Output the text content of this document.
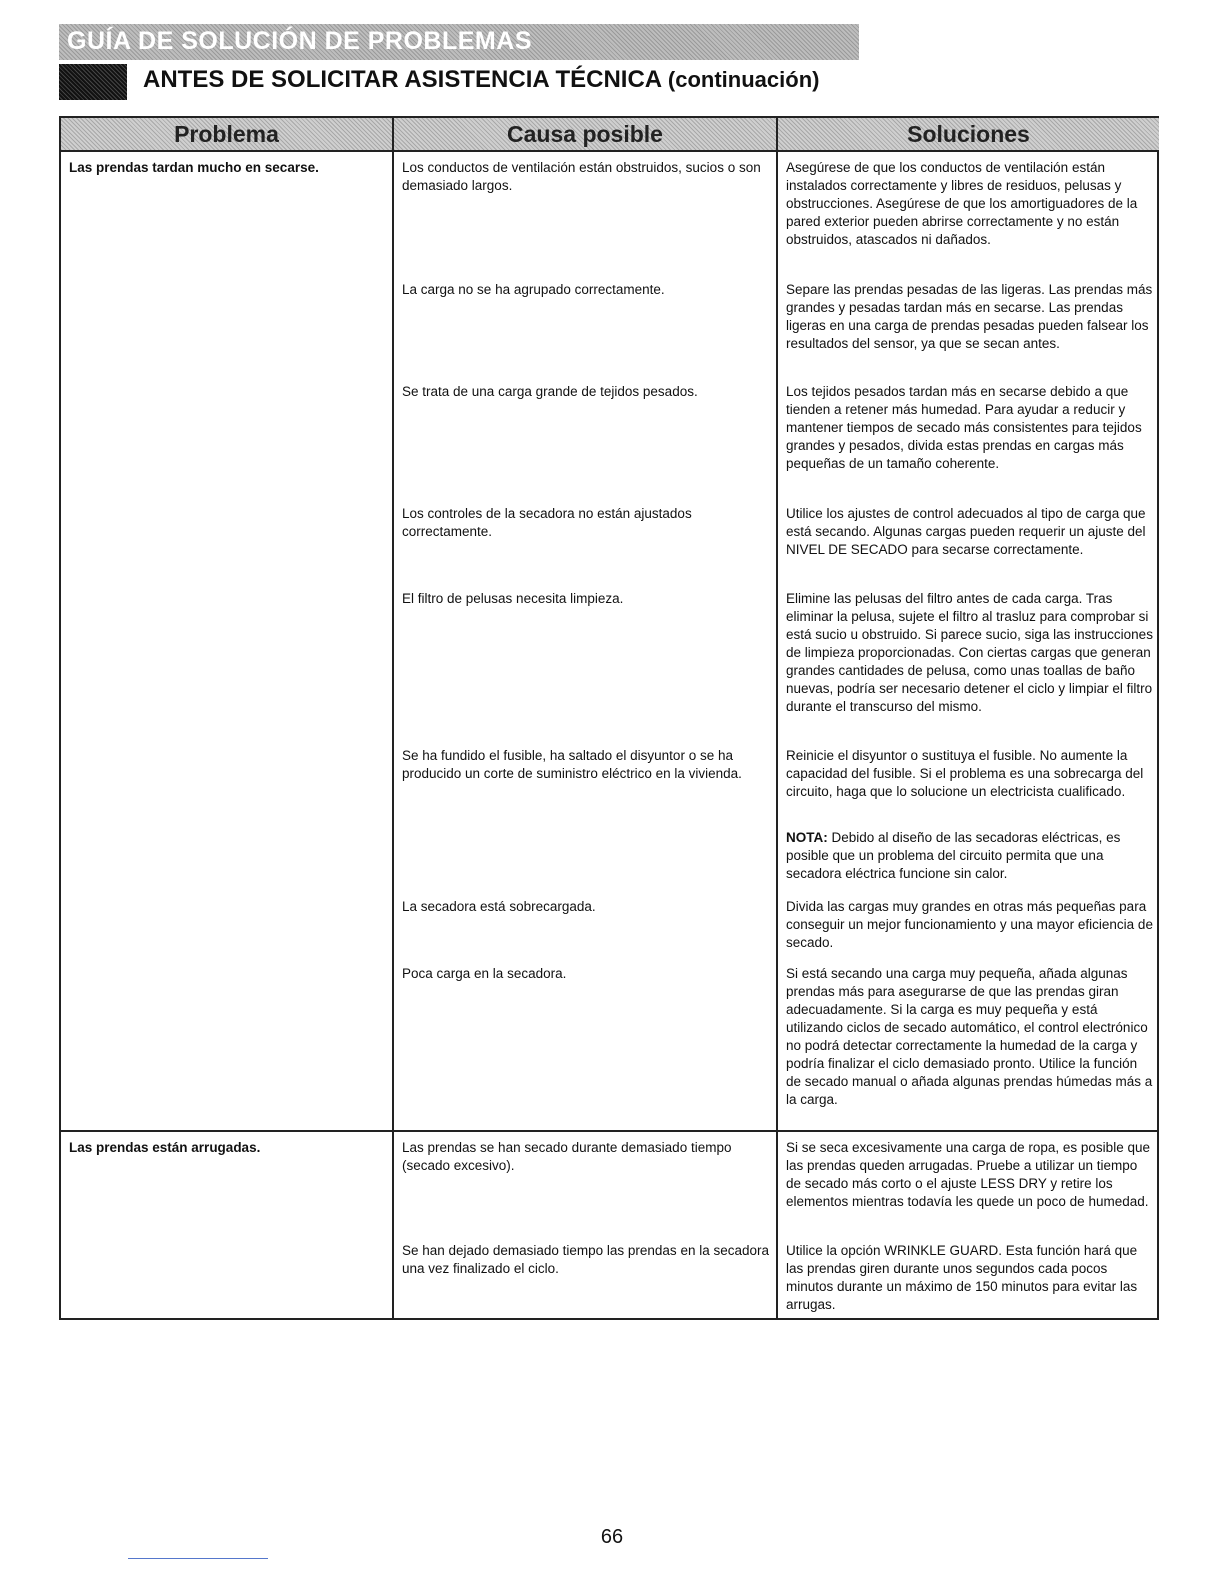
GUÍA DE SOLUCIÓN DE PROBLEMAS
ANTES DE SOLICITAR ASISTENCIA TÉCNICA (continuación)
Problema
Las prendas tardan mucho en secarse.
Las prendas están arrugadas.
Causa posible
Los conductos de ventilación están obstruidos, sucios o son demasiado largos.
La carga no se ha agrupado correctamente.
Se trata de una carga grande de tejidos pesados.
Los controles de la secadora no están ajustados correctamente.
El filtro de pelusas necesita limpieza.
Se ha fundido el fusible, ha saltado el disyuntor o se ha producido un corte de suministro eléctrico en la vivienda.
La secadora está sobrecargada.
Poca carga en la secadora.
Las prendas se han secado durante demasiado tiempo (secado excesivo).
Se han dejado demasiado tiempo las prendas en la secadora una vez finalizado el ciclo.
Soluciones
Asegúrese de que los conductos de ventilación están instalados correctamente y libres de residuos, pelusas y obstrucciones. Asegúrese de que los amortiguadores de la pared exterior pueden abrirse correctamente y no están obstruidos, atascados ni dañados.
Separe las prendas pesadas de las ligeras. Las prendas más grandes y pesadas tardan más en secarse. Las prendas ligeras en una carga de prendas pesadas pueden falsear los resultados del sensor, ya que se secan antes.
Los tejidos pesados tardan más en secarse debido a que tienden a retener más humedad. Para ayudar a reducir y mantener tiempos de secado más consistentes para tejidos grandes y pesados, divida estas prendas en cargas más pequeñas de un tamaño coherente.
Utilice los ajustes de control adecuados al tipo de carga que está secando. Algunas cargas pueden requerir un ajuste del NIVEL DE SECADO para secarse correctamente.
Elimine las pelusas del filtro antes de cada carga. Tras eliminar la pelusa, sujete el filtro al trasluz para comprobar si está sucio u obstruido. Si parece sucio, siga las instrucciones de limpieza proporcionadas. Con ciertas cargas que generan grandes cantidades de pelusa, como unas toallas de baño nuevas, podría ser necesario detener el ciclo y limpiar el filtro durante el transcurso del mismo.
Reinicie el disyuntor o sustituya el fusible. No aumente la capacidad del fusible. Si el problema es una sobrecarga del circuito, haga que lo solucione un electricista cualificado.
NOTA: Debido al diseño de las secadoras eléctricas, es posible que un problema del circuito permita que una secadora eléctrica funcione sin calor.
Divida las cargas muy grandes en otras más pequeñas para conseguir un mejor funcionamiento y una mayor eficiencia de secado.
Si está secando una carga muy pequeña, añada algunas prendas más para asegurarse de que las prendas giran adecuadamente. Si la carga es muy pequeña y está utilizando ciclos de secado automático, el control electrónico no podrá detectar correctamente la humedad de la carga y podría finalizar el ciclo demasiado pronto. Utilice la función de secado manual o añada algunas prendas húmedas más a la carga.
Si se seca excesivamente una carga de ropa, es posible que las prendas queden arrugadas. Pruebe a utilizar un tiempo de secado más corto o el ajuste LESS DRY y retire los elementos mientras todavía les quede un poco de humedad.
Utilice la opción WRINKLE GUARD. Esta función hará que las prendas giren durante unos segundos cada pocos minutos durante un máximo de 150 minutos para evitar las arrugas.
66
